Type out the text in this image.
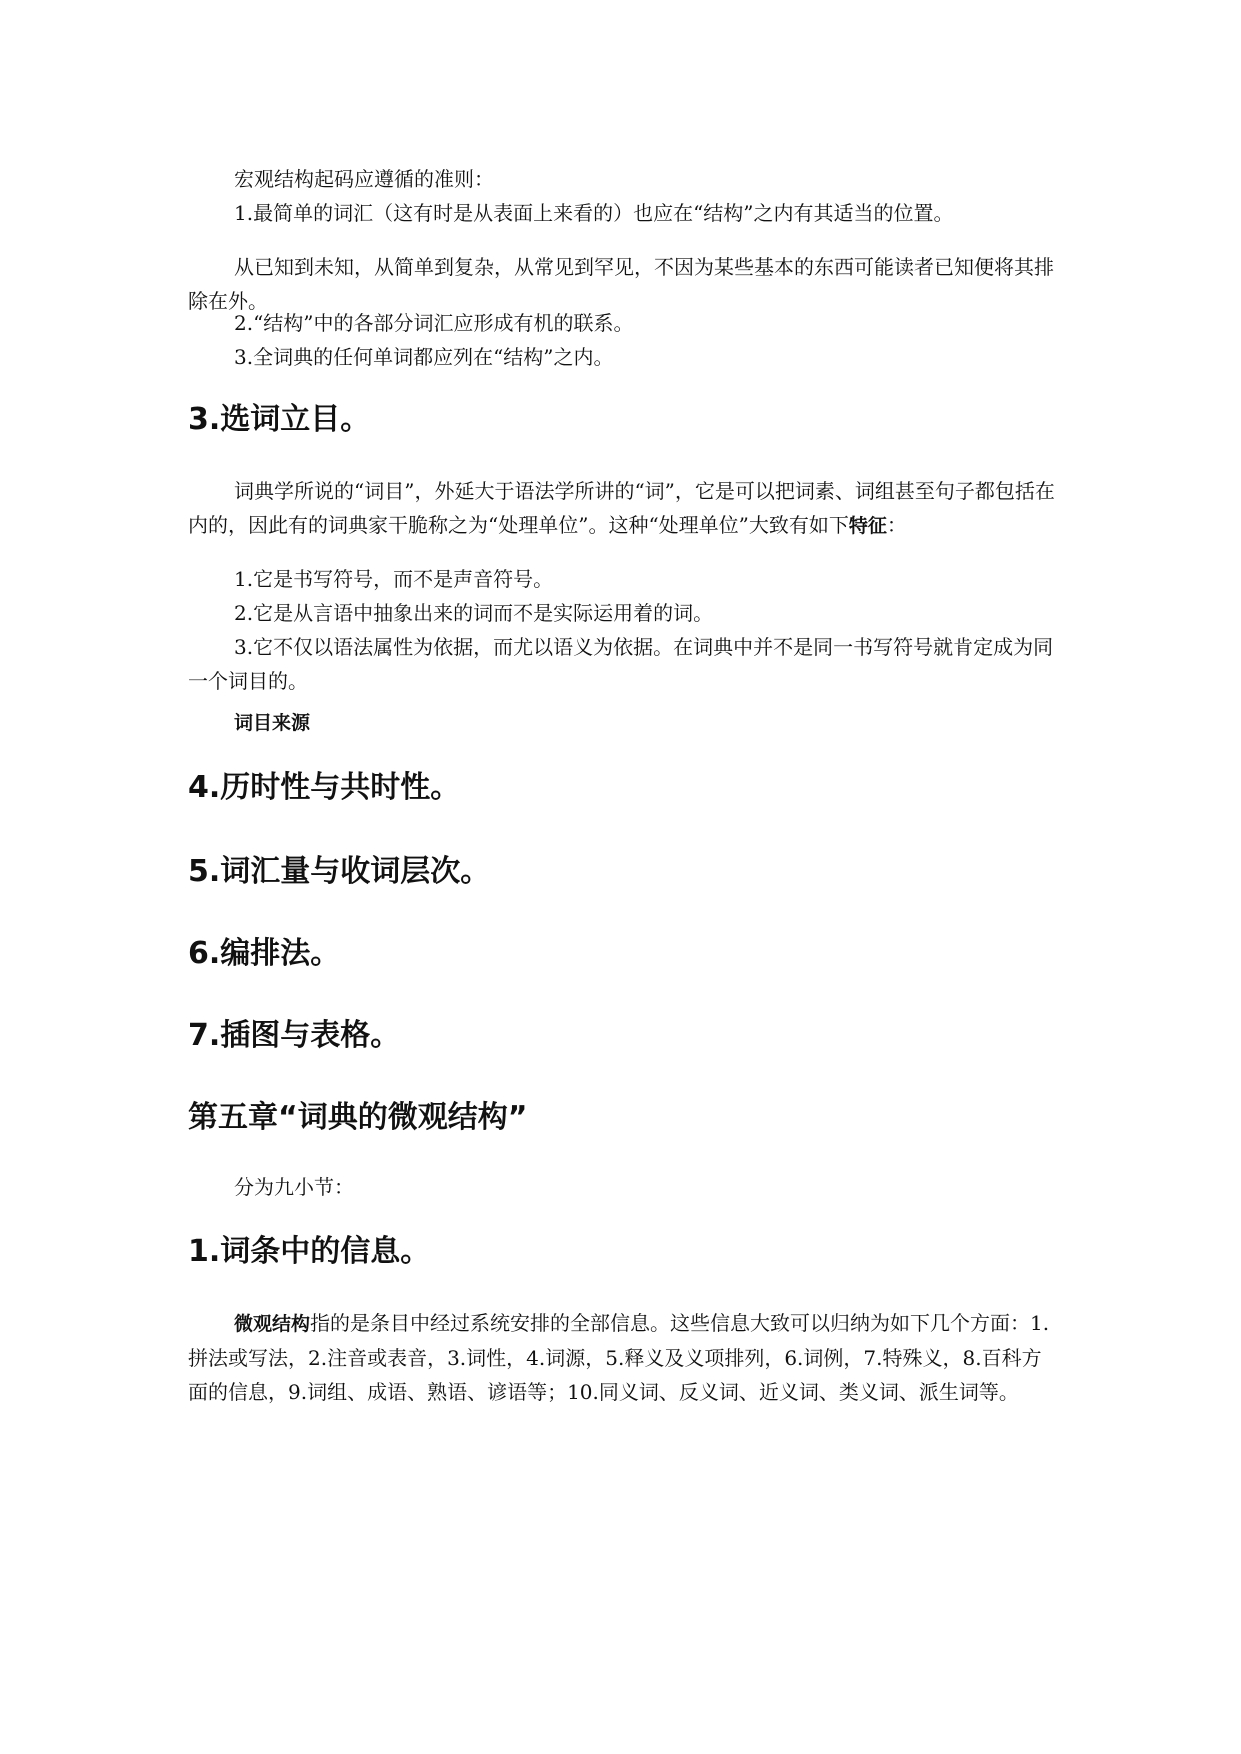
宏观结构起码应遵循的准则：

1.最简单的词汇（这有时是从表面上来看的）也应在“结构”之内有其适当的位置。

从已知到未知，从简单到复杂，从常见到罕见，不因为某些基本的东西可能读者已知便将其排除在外。

2.“结构”中的各部分词汇应形成有机的联系。

3.全词典的任何单词都应列在“结构”之内。

3.选词立目。

词典学所说的“词目”，外延大于语法学所讲的“词”，它是可以把词素、词组甚至句子都包括在内的，因此有的词典家干脆称之为“处理单位”。这种“处理单位”大致有如下特征：

1.它是书写符号，而不是声音符号。

2.它是从言语中抽象出来的词而不是实际运用着的词。

3.它不仅以语法属性为依据，而尤以语义为依据。在词典中并不是同一书写符号就肯定成为同一个词目的。

词目来源

4.历时性与共时性。
5.词汇量与收词层次。
6.编排法。
7.插图与表格。
第五章“词典的微观结构”

分为九小节：

1.词条中的信息。

微观结构指的是条目中经过系统安排的全部信息。这些信息大致可以归纳为如下几个方面：1.拼法或写法，2.注音或表音，3.词性，4.词源，5.释义及义项排列，6.词例，7.特殊义，8.百科方面的信息，9.词组、成语、熟语、谚语等；10.同义词、反义词、近义词、类义词、派生词等。
